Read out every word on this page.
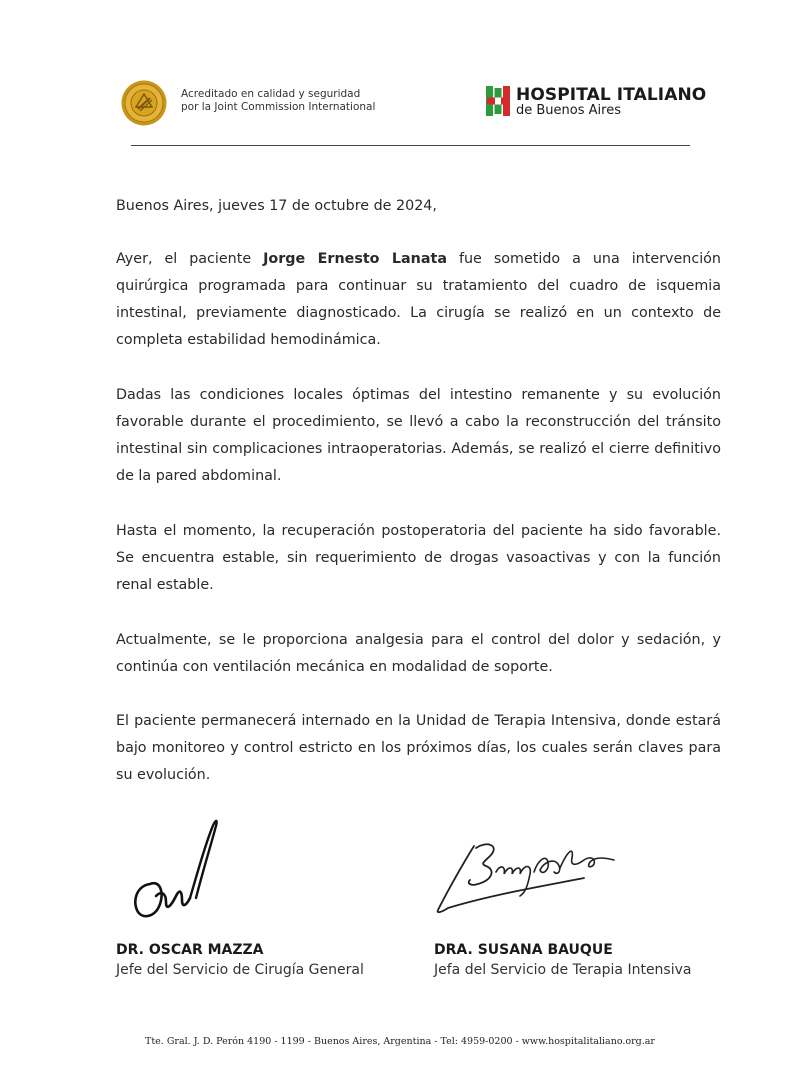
Acreditado en calidad y seguridad
por la Joint Commission International
HOSPITAL ITALIANO
de Buenos Aires
Buenos Aires, jueves 17 de octubre de 2024,
Ayer, el paciente Jorge Ernesto Lanata fue sometido a una intervención quirúrgica programada para continuar su tratamiento del cuadro de isquemia intestinal, previamente diagnosticado. La cirugía se realizó en un contexto de completa estabilidad hemodinámica.
Dadas las condiciones locales óptimas del intestino remanente y su evolución favorable durante el procedimiento, se llevó a cabo la reconstrucción del tránsito intestinal sin complicaciones intraoperatorias. Además, se realizó el cierre definitivo de la pared abdominal.
Hasta el momento, la recuperación postoperatoria del paciente ha sido favorable. Se encuentra estable, sin requerimiento de drogas vasoactivas y con la función renal estable.
Actualmente, se le proporciona analgesia para el control del dolor y sedación, y continúa con ventilación mecánica en modalidad de soporte.
El paciente permanecerá internado en la Unidad de Terapia Intensiva, donde estará bajo monitoreo y control estricto en los próximos días, los cuales serán claves para su evolución.
DR. OSCAR MAZZA
Jefe del Servicio de Cirugía General
DRA. SUSANA BAUQUE
Jefa del Servicio de Terapia Intensiva
Tte. Gral. J. D. Perón 4190 - 1199 - Buenos Aires, Argentina - Tel: 4959-0200 - www.hospitalitaliano.org.ar
